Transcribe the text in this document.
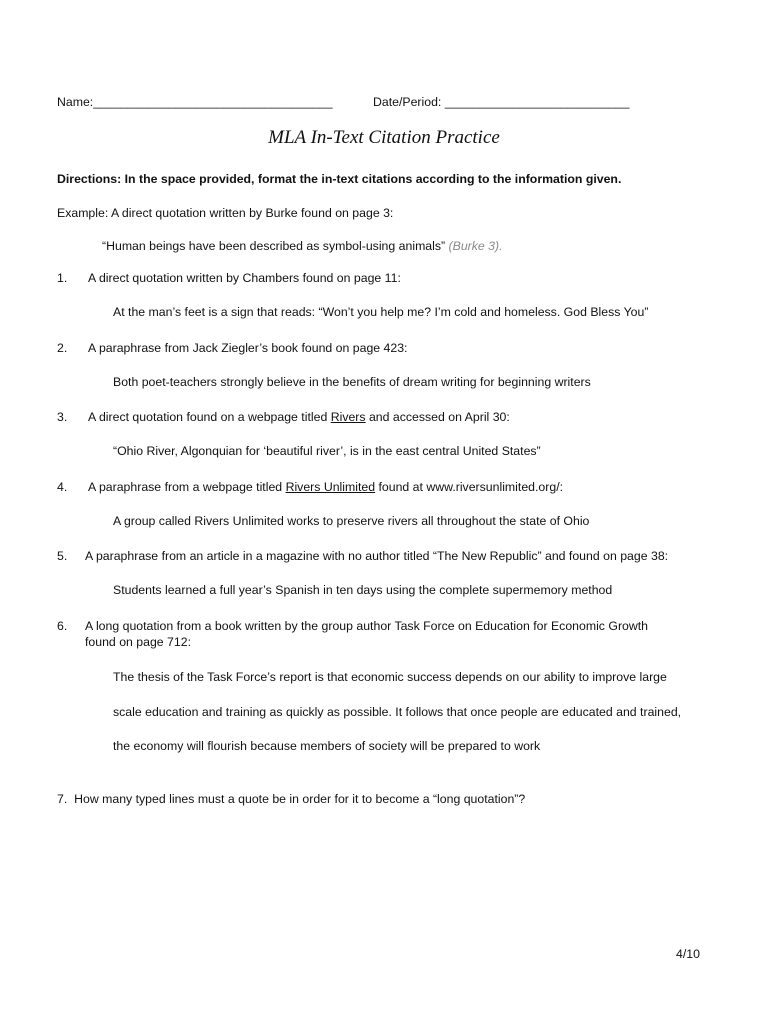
Name:___________________________________	Date/Period: ___________________________
MLA In-Text Citation Practice
Directions: In the space provided, format the in-text citations according to the information given.
Example: A direct quotation written by Burke found on page 3:
“Human beings have been described as symbol-using animals” (Burke 3).
1. A direct quotation written by Chambers found on page 11:
At the man’s feet is a sign that reads: “Won’t you help me? I’m cold and homeless. God Bless You”
2. A paraphrase from Jack Ziegler’s book found on page 423:
Both poet-teachers strongly believe in the benefits of dream writing for beginning writers
3. A direct quotation found on a webpage titled Rivers and accessed on April 30:
“Ohio River, Algonquian for ‘beautiful river’, is in the east central United States”
4. A paraphrase from a webpage titled Rivers Unlimited found at www.riversunlimited.org/:
A group called Rivers Unlimited works to preserve rivers all throughout the state of Ohio
5. A paraphrase from an article in a magazine with no author titled “The New Republic” and found on page 38:
Students learned a full year’s Spanish in ten days using the complete supermemory method
6. A long quotation from a book written by the group author Task Force on Education for Economic Growth
found on page 712:
The thesis of the Task Force’s report is that economic success depends on our ability to improve large
scale education and training as quickly as possible. It follows that once people are educated and trained,
the economy will flourish because members of society will be prepared to work
7. How many typed lines must a quote be in order for it to become a “long quotation”?
4/10
